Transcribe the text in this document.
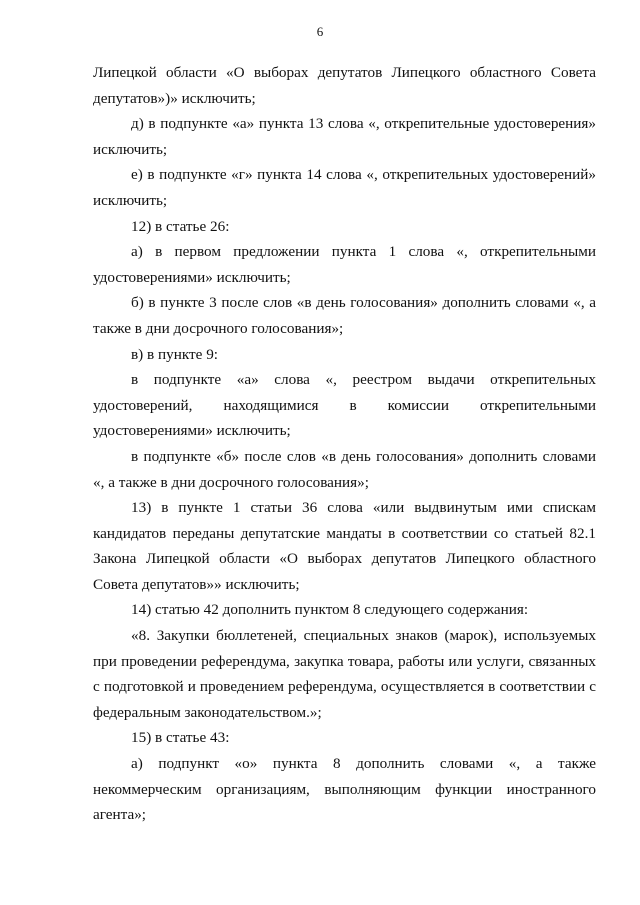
6

Липецкой области «О выборах депутатов Липецкого областного Совета депутатов»)» исключить;

д) в подпункте «а» пункта 13 слова «, открепительные удостоверения» исключить;

е) в подпункте «г» пункта 14 слова «, открепительных удостоверений» исключить;

12) в статье 26:

а) в первом предложении пункта 1 слова «, открепительными удостоверениями» исключить;

б) в пункте 3 после слов «в день голосования» дополнить словами «, а также в дни досрочного голосования»;

в) в пункте 9:

в подпункте «а» слова «, реестром выдачи открепительных удостоверений, находящимися в комиссии открепительными удостоверениями» исключить;

в подпункте «б» после слов «в день голосования» дополнить словами «, а также в дни досрочного голосования»;

13) в пункте 1 статьи 36 слова «или выдвинутым ими спискам кандидатов переданы депутатские мандаты в соответствии со статьей 82.1 Закона Липецкой области «О выборах депутатов Липецкого областного Совета депутатов»» исключить;

14) статью 42 дополнить пунктом 8 следующего содержания:

«8. Закупки бюллетеней, специальных знаков (марок), используемых при проведении референдума, закупка товара, работы или услуги, связанных с подготовкой и проведением референдума, осуществляется в соответствии с федеральным законодательством.»;

15) в статье 43:

а) подпункт «о» пункта 8 дополнить словами «, а также некоммерческим организациям, выполняющим функции иностранного агента»;
